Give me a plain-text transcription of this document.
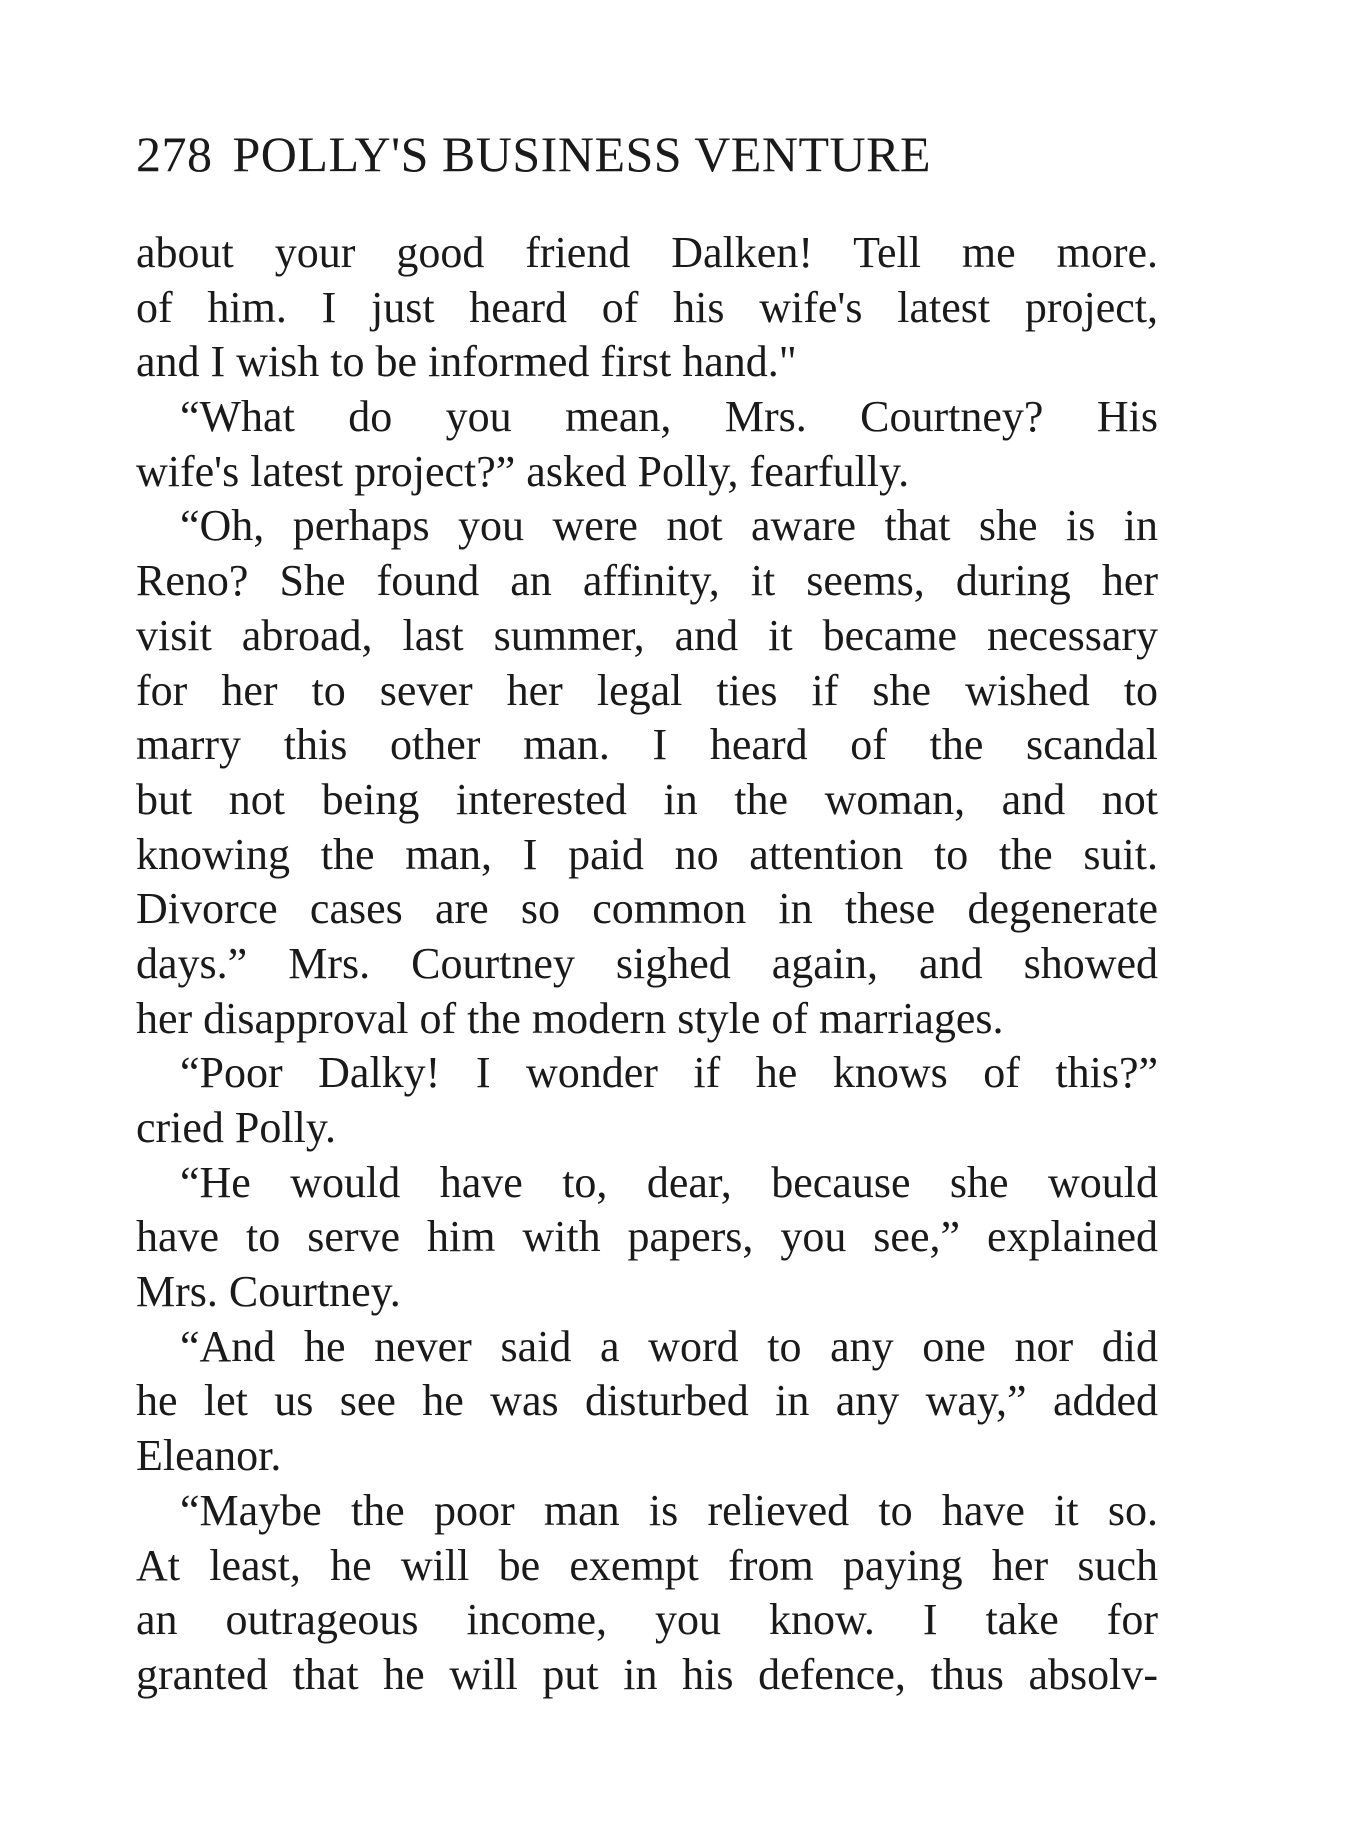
278 POLLY'S BUSINESS VENTURE
about your good friend Dalken! Tell me more.
of him. I just heard of his wife's latest project,
and I wish to be informed first hand."
“What do you mean, Mrs. Courtney? His
wife's latest project?” asked Polly, fearfully.
“Oh, perhaps you were not aware that she is in
Reno? She found an affinity, it seems, during her
visit abroad, last summer, and it became necessary
for her to sever her legal ties if she wished to
marry this other man. I heard of the scandal
but not being interested in the woman, and not
knowing the man, I paid no attention to the suit.
Divorce cases are so common in these degenerate
days.” Mrs. Courtney sighed again, and showed
her disapproval of the modern style of marriages.
“Poor Dalky! I wonder if he knows of this?”
cried Polly.
“He would have to, dear, because she would
have to serve him with papers, you see,” explained
Mrs. Courtney.
“And he never said a word to any one nor did
he let us see he was disturbed in any way,” added
Eleanor.
“Maybe the poor man is relieved to have it so.
At least, he will be exempt from paying her such
an outrageous income, you know. I take for
granted that he will put in his defence, thus absolv-
